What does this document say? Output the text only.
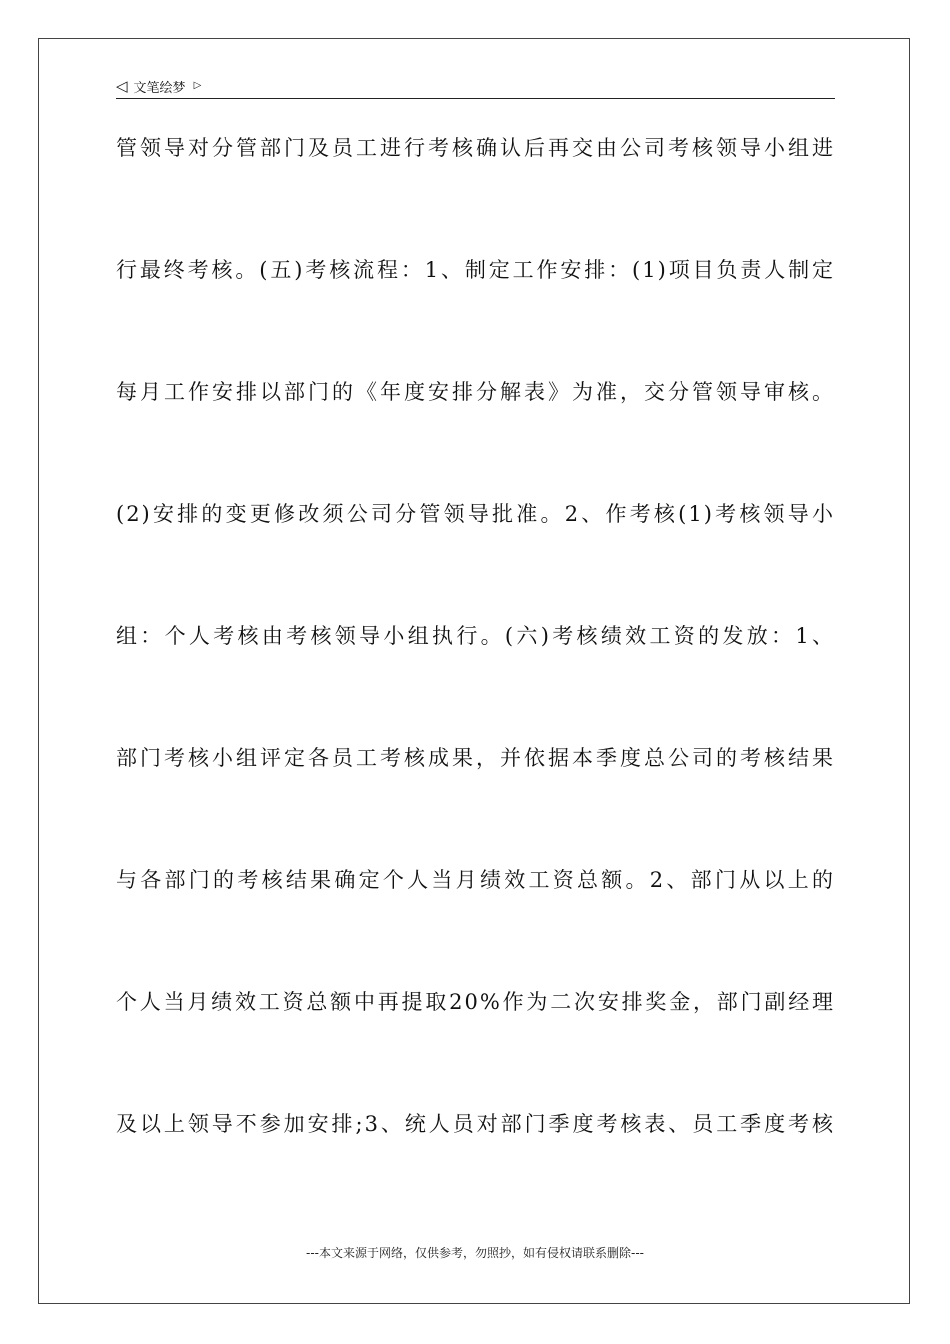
◁ 文笔绘梦 ▷
管领导对分管部门及员工进行考核确认后再交由公司考核领导小组进
行最终考核。(五)考核流程：1、制定工作安排：(1)项目负责人制定
每月工作安排以部门的《年度安排分解表》为准，交分管领导审核。
(2)安排的变更修改须公司分管领导批准。2、作考核(1)考核领导小
组：个人考核由考核领导小组执行。(六)考核绩效工资的发放：1、
部门考核小组评定各员工考核成果，并依据本季度总公司的考核结果
与各部门的考核结果确定个人当月绩效工资总额。2、部门从以上的
个人当月绩效工资总额中再提取20%作为二次安排奖金，部门副经理
及以上领导不参加安排;3、统人员对部门季度考核表、员工季度考核
---本文来源于网络，仅供参考，勿照抄，如有侵权请联系删除---
